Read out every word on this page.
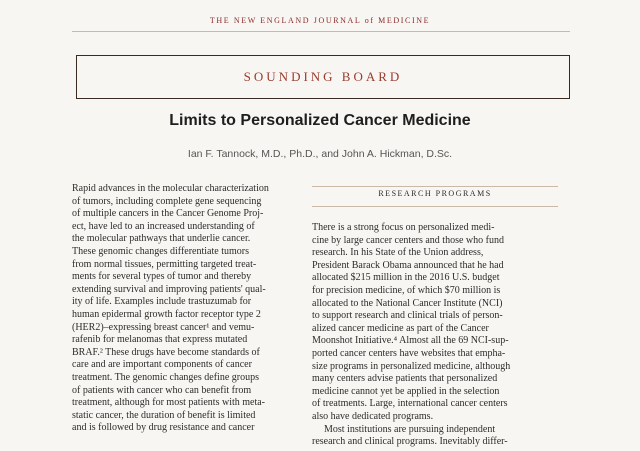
THE NEW ENGLAND JOURNAL of MEDICINE
SOUNDING BOARD
Limits to Personalized Cancer Medicine
Ian F. Tannock, M.D., Ph.D., and John A. Hickman, D.Sc.
Rapid advances in the molecular characterization
of tumors, including complete gene sequencing
of multiple cancers in the Cancer Genome Proj-
ect, have led to an increased understanding of
the molecular pathways that underlie cancer.
These genomic changes differentiate tumors
from normal tissues, permitting targeted treat-
ments for several types of tumor and thereby
extending survival and improving patients' qual-
ity of life. Examples include trastuzumab for
human epidermal growth factor receptor type 2
(HER2)–expressing breast cancer¹ and vemu-
rafenib for melanomas that express mutated
BRAF.² These drugs have become standards of
care and are important components of cancer
treatment. The genomic changes define groups
of patients with cancer who can benefit from
treatment, although for most patients with meta-
static cancer, the duration of benefit is limited
and is followed by drug resistance and cancer
RESEARCH PROGRAMS
There is a strong focus on personalized medi-
cine by large cancer centers and those who fund
research. In his State of the Union address,
President Barack Obama announced that he had
allocated $215 million in the 2016 U.S. budget
for precision medicine, of which $70 million is
allocated to the National Cancer Institute (NCI)
to support research and clinical trials of person-
alized cancer medicine as part of the Cancer
Moonshot Initiative.⁴ Almost all the 69 NCI-sup-
ported cancer centers have websites that empha-
size programs in personalized medicine, although
many centers advise patients that personalized
medicine cannot yet be applied in the selection
of treatments. Large, international cancer centers
also have dedicated programs.
Most institutions are pursuing independent
research and clinical programs. Inevitably differ-
